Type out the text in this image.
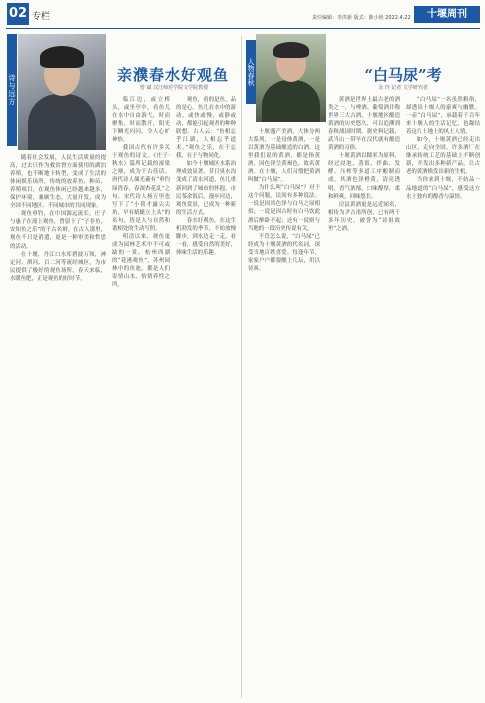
02 专栏	责任编辑：李洪新 版式：陈小艳 2022.4.22	十堰周刊
诗与远方	亲濮春水好观鱼
曾 斌 汉江师范学院文学院教授

随着社会发展，人民生活质量的提高，过去只作为救贫窘方面使用的湖泊养殖，也不断地下转型，变成了生活的休闲娱乐场所，传统的放养鱼、种苗、养殖项目，在观鱼休闲已经越来越多，保护环境，兼顾生态，大量开发，成为全国不同地区、不同城市的共同现象。

观鱼垂钓，在中国源远流长。庄子与惠子在濠上观鱼，曾留下了“子非鱼，安知鱼之乐”的千古名辩。在古人那里，观鱼不只是消遣，更是一种审美和哲思的活动。

在十堰，丹江口水库碧波万顷，神定河、泗河、百二河等流经城区，为市民提供了极好的观鱼场所。春天来临，水暖鱼肥，正是观鱼的好时节。

临江边，或立桥头，或坐亭中，看鱼儿在水中自由游弋，时而聚集，时而散开，阳光下鳞光闪闪，令人心旷神怡。

我国古代有许多关于观鱼的诗文。《庄子·秋水》篇所记载的濠梁之辩，成为千古佳话。唐代诗人储光羲有“垂钓绿湾春，春深杏花乱”之句。宋代诗人杨万里也写下了“小荷才露尖尖角，早有蜻蜓立上头”的名句，皆是人与自然和谐相处的生动写照。

明清以来，观鱼更成为园林艺术中不可或缺的一景。杭州西湖的“花港观鱼”，苏州园林中的鱼池，都是人们寄情山水、怡情养性之所。

观鱼，看的是鱼，品的是心。鱼儿在水中的游动，或快或慢，或静或动，都能引起观者的种种联想。古人云：“鱼相忘乎江湖，人相忘乎道术。”观鱼之乐，在于忘我，在于与物同化。

如今十堰城区水系治理成效显著，昔日臭水沟变成了清水河道，鱼儿重新回到了城市的怀抱。市民茶余饭后，漫步河边，观鱼赏景，已成为一种新的生活方式。

春水好观鱼。在这生机勃发的季节，不妨放慢脚步，到水边走一走，看一看，感受自然的美好，体味生活的乐趣。

人物春秋	“白马尿”考
余 玲 记者 文学研究者

十堰盛产美酒，大体分两大系列，一是母体黄酒，一是以黄酒为基础酿造的白酒。这里我们说的黄酒，都是指黄酒，因色泽呈黄褐色，故名黄酒。在十堰，人们习惯把黄酒叫做“白马尿”。

为什么叫“白马尿”？对于这个问题，民间有多种说法。一说是因其色泽与白马之尿相似；一说是因古时有白马饮此酒后醉卧不起；还有一说则与当地的一段历史传说有关。

不管怎么说，“白马尿”已经成为十堰黄酒的代名词，深受当地百姓喜爱。每逢年节，家家户户都要酿上几坛，用以待客。

黄酒是世界上最古老的酒类之一，与啤酒、葡萄酒并称世界三大古酒。十堰地区酿造黄酒的历史悠久，可以追溯到春秋战国时期。据史料记载，武当山一带早在汉代就有酿造黄酒的习俗。

十堰黄酒以糯米为原料，经过浸泡、蒸饭、拌曲、发酵、压榨等多道工序酿制而成。其酒色泽橙黄，清亮透明，香气浓郁，口味醇厚，柔和鲜爽，回味悠长。

房县黄酒更是远近闻名，相传为尹吉甫所创，已有两千多年历史，被誉为“诗祖故里”之酒。

“白马尿”一名虽然粗俗，却透出十堰人的豪爽与幽默。一壶“白马尿”，承载着千百年来十堰人的生活记忆，也凝结着这片土地上的风土人情。

如今，十堰黄酒已经走出山区，走向全国。许多酒厂在继承传统工艺的基础上不断创新，开发出多种新产品，让古老的黄酒焕发出新的生机。

当你来到十堰，不妨品一品地道的“白马尿”，感受这方水土独有的醇香与温情。
